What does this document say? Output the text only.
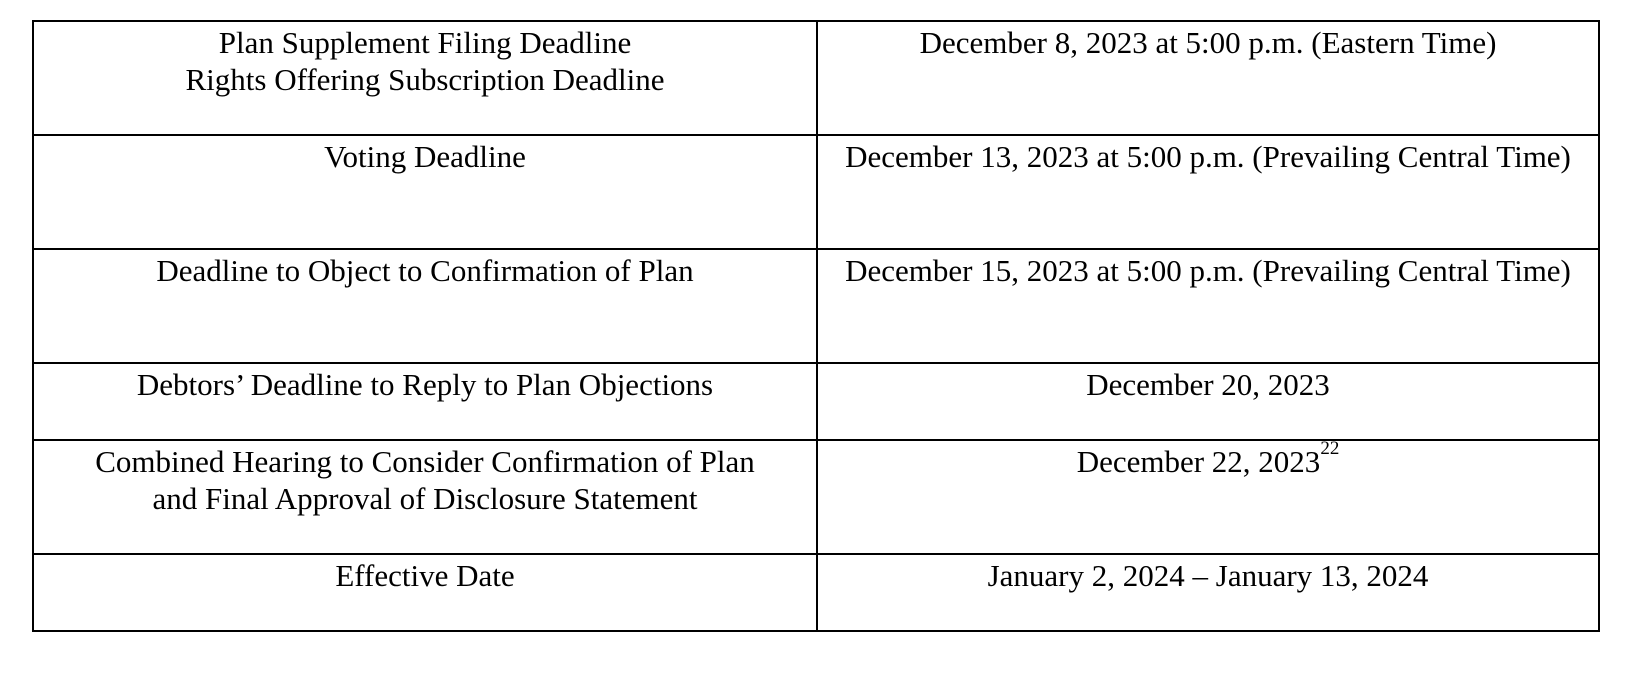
Plan Supplement Filing Deadline
Rights Offering Subscription Deadline	December 8, 2023 at 5:00 p.m. (Eastern Time)

Voting Deadline	December 13, 2023 at 5:00 p.m. (Prevailing Central Time)

Deadline to Object to Confirmation of Plan	December 15, 2023 at 5:00 p.m. (Prevailing Central Time)

Debtors’ Deadline to Reply to Plan Objections	December 20, 2023

Combined Hearing to Consider Confirmation of Plan
and Final Approval of Disclosure Statement	December 22, 2023$^{22}$

Effective Date	January 2, 2024 – January 13, 2024
